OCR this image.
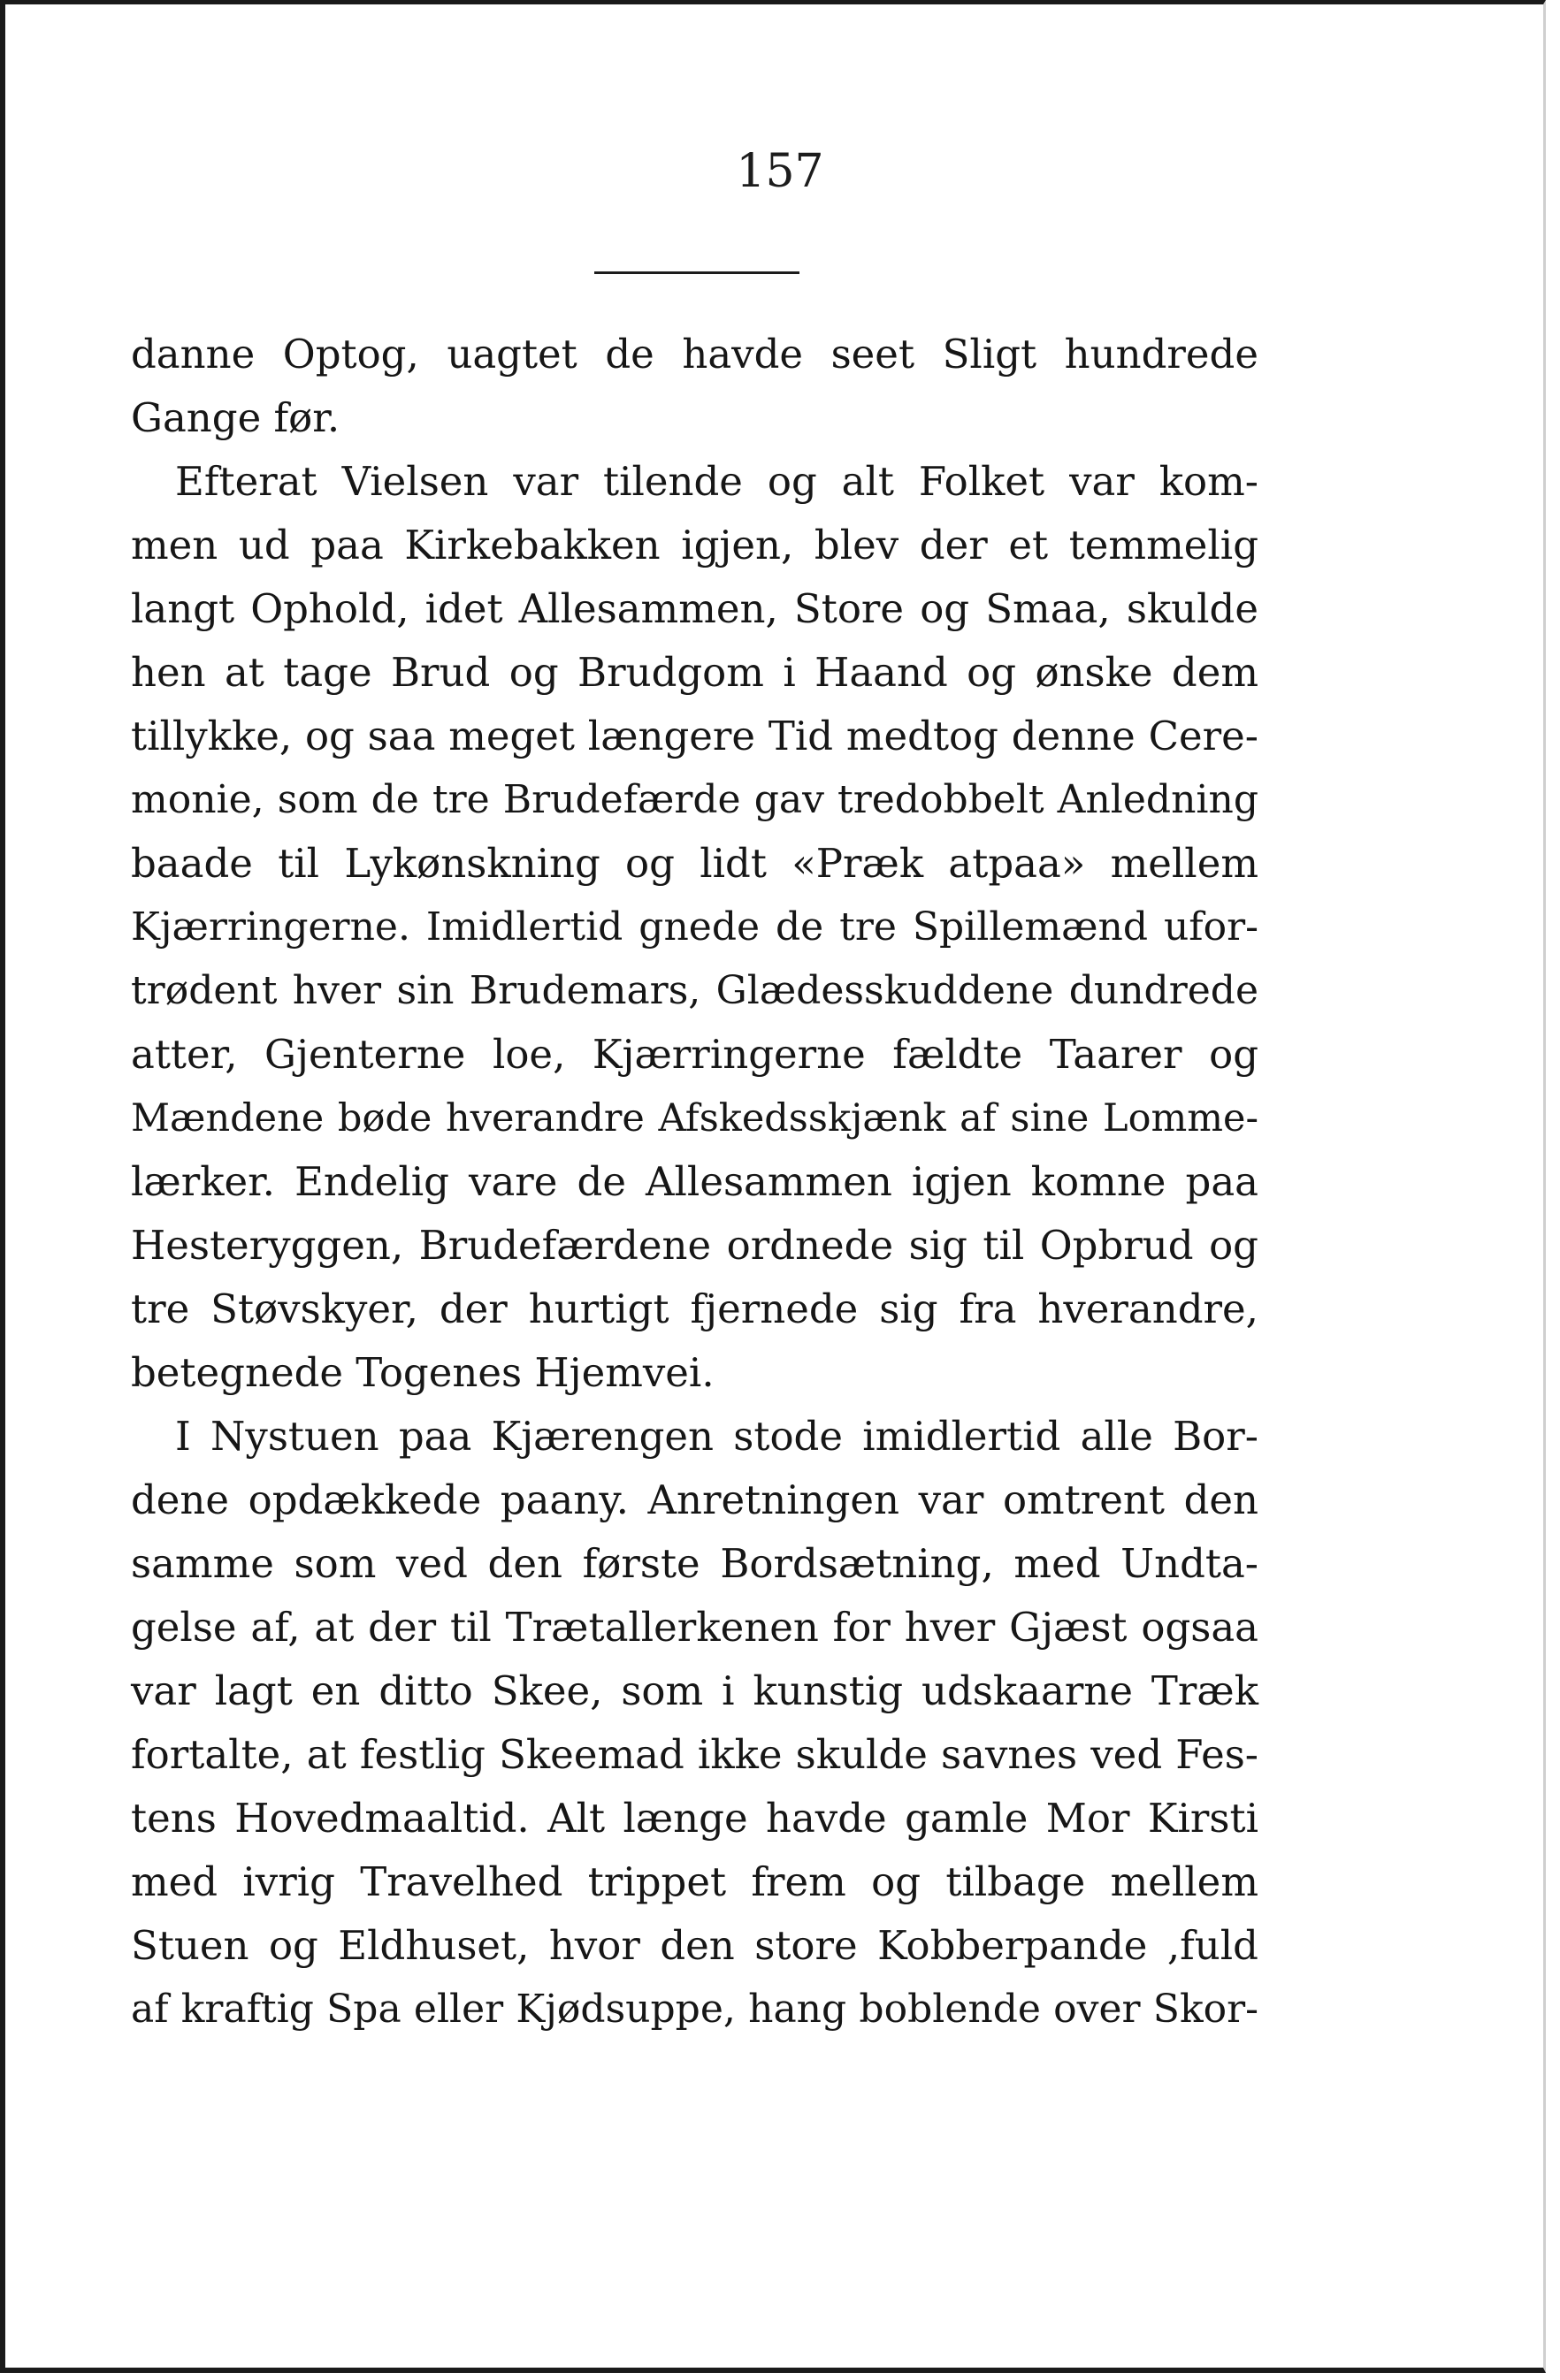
157
danne Optog, uagtet de havde seet Sligt hundrede
Gange før.
Efterat Vielsen var tilende og alt Folket var kom-
men ud paa Kirkebakken igjen, blev der et temmelig
langt Ophold, idet Allesammen, Store og Smaa, skulde
hen at tage Brud og Brudgom i Haand og ønske dem
tillykke, og saa meget længere Tid medtog denne Cere-
monie, som de tre Brudefærde gav tredobbelt Anledning
baade til Lykønskning og lidt «Præk atpaa» mellem
Kjærringerne. Imidlertid gnede de tre Spillemænd ufor-
trødent hver sin Brudemars, Glædesskuddene dundrede
atter, Gjenterne loe, Kjærringerne fældte Taarer og
Mændene bøde hverandre Afskedsskjænk af sine Lomme-
lærker. Endelig vare de Allesammen igjen komne paa
Hesteryggen, Brudefærdene ordnede sig til Opbrud og
tre Støvskyer, der hurtigt fjernede sig fra hverandre,
betegnede Togenes Hjemvei.
I Nystuen paa Kjærengen stode imidlertid alle Bor-
dene opdækkede paany. Anretningen var omtrent den
samme som ved den første Bordsætning, med Undta-
gelse af, at der til Trætallerkenen for hver Gjæst ogsaa
var lagt en ditto Skee, som i kunstig udskaarne Træk
fortalte, at festlig Skeemad ikke skulde savnes ved Fes-
tens Hovedmaaltid. Alt længe havde gamle Mor Kirsti
med ivrig Travelhed trippet frem og tilbage mellem
Stuen og Eldhuset, hvor den store Kobberpande ,fuld
af kraftig Spa eller Kjødsuppe, hang boblende over Skor-
